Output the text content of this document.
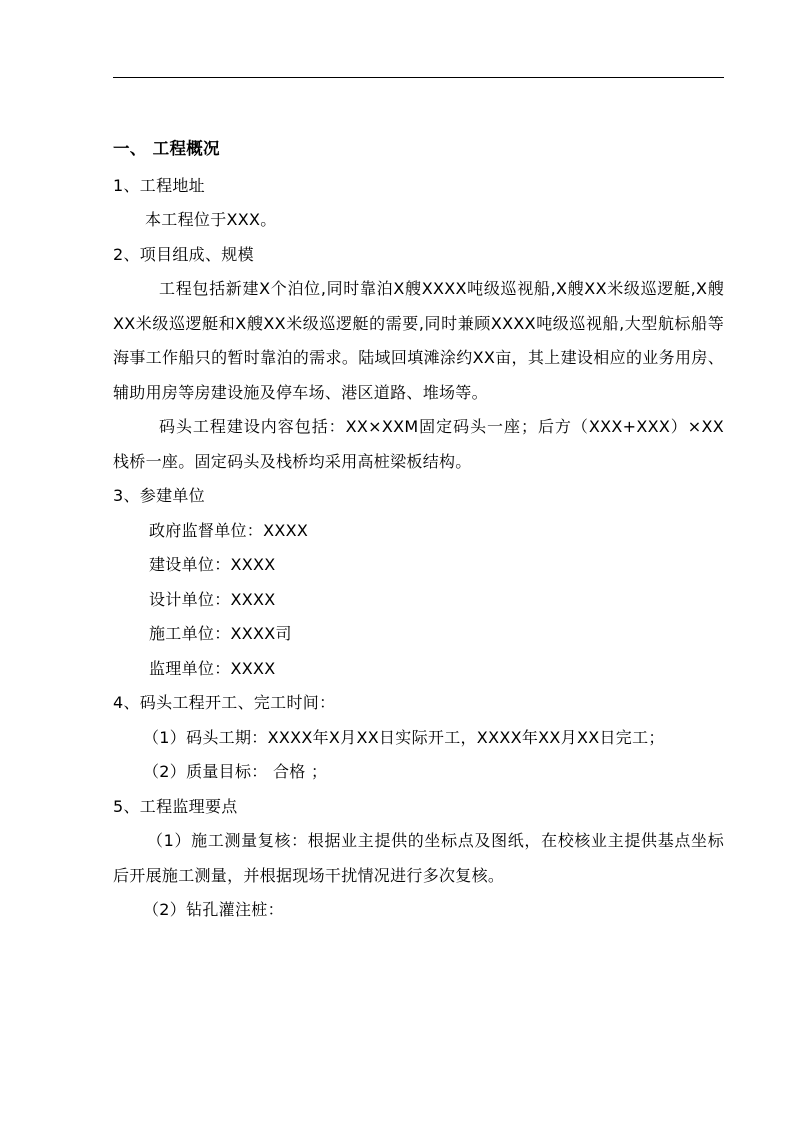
一、 工程概况
1、工程地址
本工程位于XXX。
2、项目组成、规模
工程包括新建X个泊位,同时靠泊X艘XXXX吨级巡视船,X艘XX米级巡逻艇,X艘XX米级巡逻艇和X艘XX米级巡逻艇的需要,同时兼顾XXXX吨级巡视船,大型航标船等海事工作船只的暂时靠泊的需求。陆域回填滩涂约XX亩，其上建设相应的业务用房、辅助用房等房建设施及停车场、港区道路、堆场等。
码头工程建设内容包括：XX×XXM固定码头一座；后方（XXX+XXX）×XX栈桥一座。固定码头及栈桥均采用高桩梁板结构。
3、参建单位
政府监督单位：XXXX
建设单位：XXXX
设计单位：XXXX
施工单位：XXXX司
监理单位：XXXX
4、码头工程开工、完工时间：
（1）码头工期：XXXX年X月XX日实际开工，XXXX年XX月XX日完工；
（2）质量目标： 合格 ；
5、工程监理要点
（1）施工测量复核：根据业主提供的坐标点及图纸，在校核业主提供基点坐标后开展施工测量，并根据现场干扰情况进行多次复核。
（2）钻孔灌注桩：
